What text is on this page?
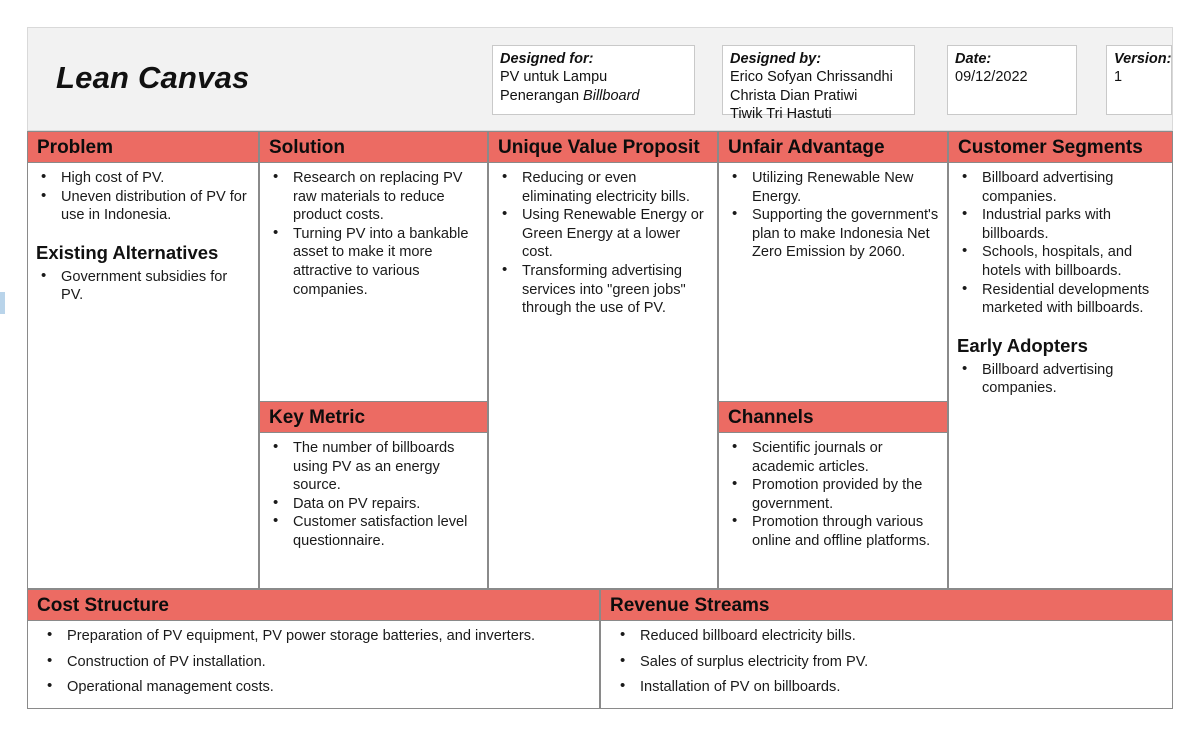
Lean Canvas
Designed for:
PV untuk Lampu
Penerangan Billboard
Designed by:
Erico Sofyan Chrissandhi
Christa Dian Pratiwi
Tiwik Tri Hastuti
Date:
09/12/2022
Version:
1
Problem
• High cost of PV.
• Uneven distribution of PV for use in Indonesia.
Existing Alternatives
• Government subsidies for PV.
Solution
• Research on replacing PV raw materials to reduce product costs.
• Turning PV into a bankable asset to make it more attractive to various companies.
Key Metric
• The number of billboards using PV as an energy source.
• Data on PV repairs.
• Customer satisfaction level questionnaire.
Unique Value Proposit
• Reducing or even eliminating electricity bills.
• Using Renewable Energy or Green Energy at a lower cost.
• Transforming advertising services into "green jobs" through the use of PV.
Unfair Advantage
• Utilizing Renewable New Energy.
• Supporting the government's plan to make Indonesia Net Zero Emission by 2060.
Channels
• Scientific journals or academic articles.
• Promotion provided by the government.
• Promotion through various online and offline platforms.
Customer Segments
• Billboard advertising companies.
• Industrial parks with billboards.
• Schools, hospitals, and hotels with billboards.
• Residential developments marketed with billboards.
Early Adopters
• Billboard advertising companies.
Cost Structure
• Preparation of PV equipment, PV power storage batteries, and inverters.
• Construction of PV installation.
• Operational management costs.
Revenue Streams
• Reduced billboard electricity bills.
• Sales of surplus electricity from PV.
• Installation of PV on billboards.
